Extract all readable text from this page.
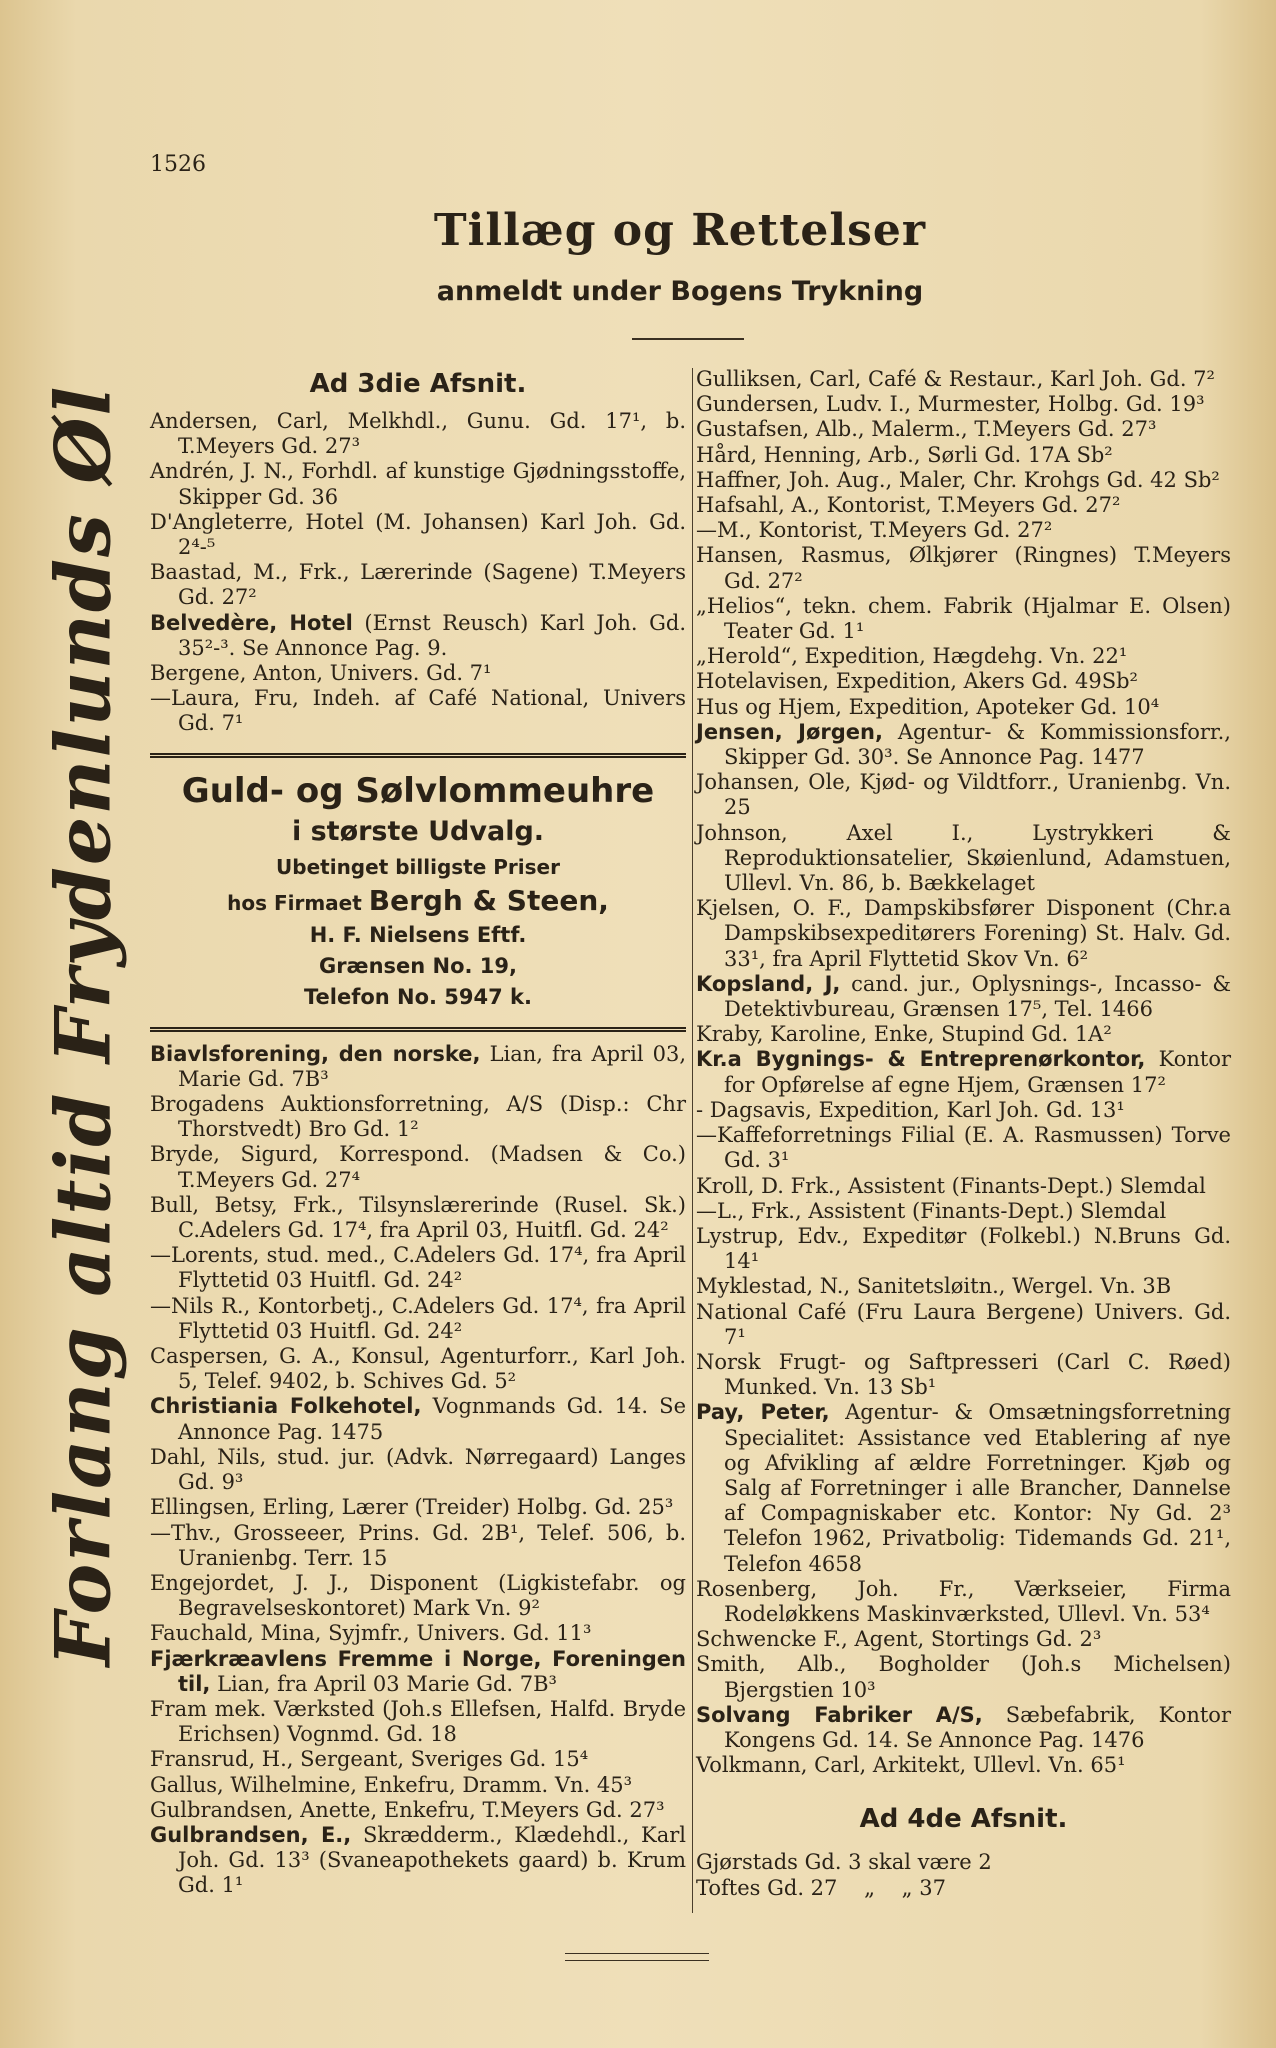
1526
Tillæg og Rettelser
anmeldt under Bogens Trykning
Forlang altid Frydenlunds Øl
Ad 3die Afsnit.
Andersen, Carl, Melkhdl., Gunu. Gd. 17¹, b. T.Meyers Gd. 27³
Andrén, J. N., Forhdl. af kunstige Gjødningsstoffe, Skipper Gd. 36
D'Angleterre, Hotel (M. Johansen) Karl Joh. Gd. 2⁴-⁵
Baastad, M., Frk., Lærerinde (Sagene) T.Meyers Gd. 27²
Belvedère, Hotel (Ernst Reusch) Karl Joh. Gd. 35²-³. Se Annonce Pag. 9.
Bergene, Anton, Univers. Gd. 7¹
—Laura, Fru, Indeh. af Café National, Univers Gd. 7¹
Guld- og Sølvlommeuhre
i største Udvalg.
Ubetinget billigste Priser
hos Firmaet Bergh & Steen,
H. F. Nielsens Eftf.
Grænsen No. 19,
Telefon No. 5947 k.
Biavlsforening, den norske, Lian, fra April 03, Marie Gd. 7B³
Brogadens Auktionsforretning, A/S (Disp.: Chr Thorstvedt) Bro Gd. 1²
Bryde, Sigurd, Korrespond. (Madsen & Co.) T.Meyers Gd. 27⁴
Bull, Betsy, Frk., Tilsynslærerinde (Rusel. Sk.) C.Adelers Gd. 17⁴, fra April 03, Huitfl. Gd. 24²
—Lorents, stud. med., C.Adelers Gd. 17⁴, fra April Flyttetid 03 Huitfl. Gd. 24²
—Nils R., Kontorbetj., C.Adelers Gd. 17⁴, fra April Flyttetid 03 Huitfl. Gd. 24²
Caspersen, G. A., Konsul, Agenturforr., Karl Joh. 5, Telef. 9402, b. Schives Gd. 5²
Christiania Folkehotel, Vognmands Gd. 14. Se Annonce Pag. 1475
Dahl, Nils, stud. jur. (Advk. Nørregaard) Langes Gd. 9³
Ellingsen, Erling, Lærer (Treider) Holbg. Gd. 25³
—Thv., Grosseeer, Prins. Gd. 2B¹, Telef. 506, b. Uranienbg. Terr. 15
Engejordet, J. J., Disponent (Ligkistefabr. og Begravelseskontoret) Mark Vn. 9²
Fauchald, Mina, Syjmfr., Univers. Gd. 11³
Fjærkræavlens Fremme i Norge, Foreningen til, Lian, fra April 03 Marie Gd. 7B³
Fram mek. Værksted (Joh.s Ellefsen, Halfd. Bryde Erichsen) Vognmd. Gd. 18
Fransrud, H., Sergeant, Sveriges Gd. 15⁴
Gallus, Wilhelmine, Enkefru, Dramm. Vn. 45³
Gulbrandsen, Anette, Enkefru, T.Meyers Gd. 27³
Gulbrandsen, E., Skrædderm., Klædehdl., Karl Joh. Gd. 13³ (Svaneapothekets gaard) b. Krum Gd. 1¹
Gulliksen, Carl, Café & Restaur., Karl Joh. Gd. 7²
Gundersen, Ludv. I., Murmester, Holbg. Gd. 19³
Gustafsen, Alb., Malerm., T.Meyers Gd. 27³
Hård, Henning, Arb., Sørli Gd. 17A Sb²
Haffner, Joh. Aug., Maler, Chr. Krohgs Gd. 42 Sb²
Hafsahl, A., Kontorist, T.Meyers Gd. 27²
—M., Kontorist, T.Meyers Gd. 27²
Hansen, Rasmus, Ølkjører (Ringnes) T.Meyers Gd. 27²
„Helios“, tekn. chem. Fabrik (Hjalmar E. Olsen) Teater Gd. 1¹
„Herold“, Expedition, Hægdehg. Vn. 22¹
Hotelavisen, Expedition, Akers Gd. 49Sb²
Hus og Hjem, Expedition, Apoteker Gd. 10⁴
Jensen, Jørgen, Agentur- & Kommissionsforr., Skipper Gd. 30³. Se Annonce Pag. 1477
Johansen, Ole, Kjød- og Vildtforr., Uranienbg. Vn. 25
Johnson, Axel I., Lystrykkeri & Reproduktionsatelier, Skøienlund, Adamstuen, Ullevl. Vn. 86, b. Bækkelaget
Kjelsen, O. F., Dampskibsfører Disponent (Chr.a Dampskibsexpeditørers Forening) St. Halv. Gd. 33¹, fra April Flyttetid Skov Vn. 6²
Kopsland, J, cand. jur., Oplysnings-, Incasso- & Detektivbureau, Grænsen 17⁵, Tel. 1466
Kraby, Karoline, Enke, Stupind Gd. 1A²
Kr.a Bygnings- & Entreprenørkontor, Kontor for Opførelse af egne Hjem, Grænsen 17²
- Dagsavis, Expedition, Karl Joh. Gd. 13¹
—Kaffeforretnings Filial (E. A. Rasmussen) Torve Gd. 3¹
Kroll, D. Frk., Assistent (Finants-Dept.) Slemdal
—L., Frk., Assistent (Finants-Dept.) Slemdal
Lystrup, Edv., Expeditør (Folkebl.) N.Bruns Gd. 14¹
Myklestad, N., Sanitetsløitn., Wergel. Vn. 3B
National Café (Fru Laura Bergene) Univers. Gd. 7¹
Norsk Frugt- og Saftpresseri (Carl C. Røed) Munked. Vn. 13 Sb¹
Pay, Peter, Agentur- & Omsætningsforretning Specialitet: Assistance ved Etablering af nye og Afvikling af ældre Forretninger. Kjøb og Salg af Forretninger i alle Brancher, Dannelse af Compagniskaber etc. Kontor: Ny Gd. 2³ Telefon 1962, Privatbolig: Tidemands Gd. 21¹, Telefon 4658
Rosenberg, Joh. Fr., Værkseier, Firma Rodeløkkens Maskinværksted, Ullevl. Vn. 53⁴
Schwencke F., Agent, Stortings Gd. 2³
Smith, Alb., Bogholder (Joh.s Michelsen) Bjergstien 10³
Solvang Fabriker A/S, Sæbefabrik, Kontor Kongens Gd. 14. Se Annonce Pag. 1476
Volkmann, Carl, Arkitekt, Ullevl. Vn. 65¹
Ad 4de Afsnit.
Gjørstads Gd. 3 skal være 2
Toftes Gd. 27    „    „ 37
